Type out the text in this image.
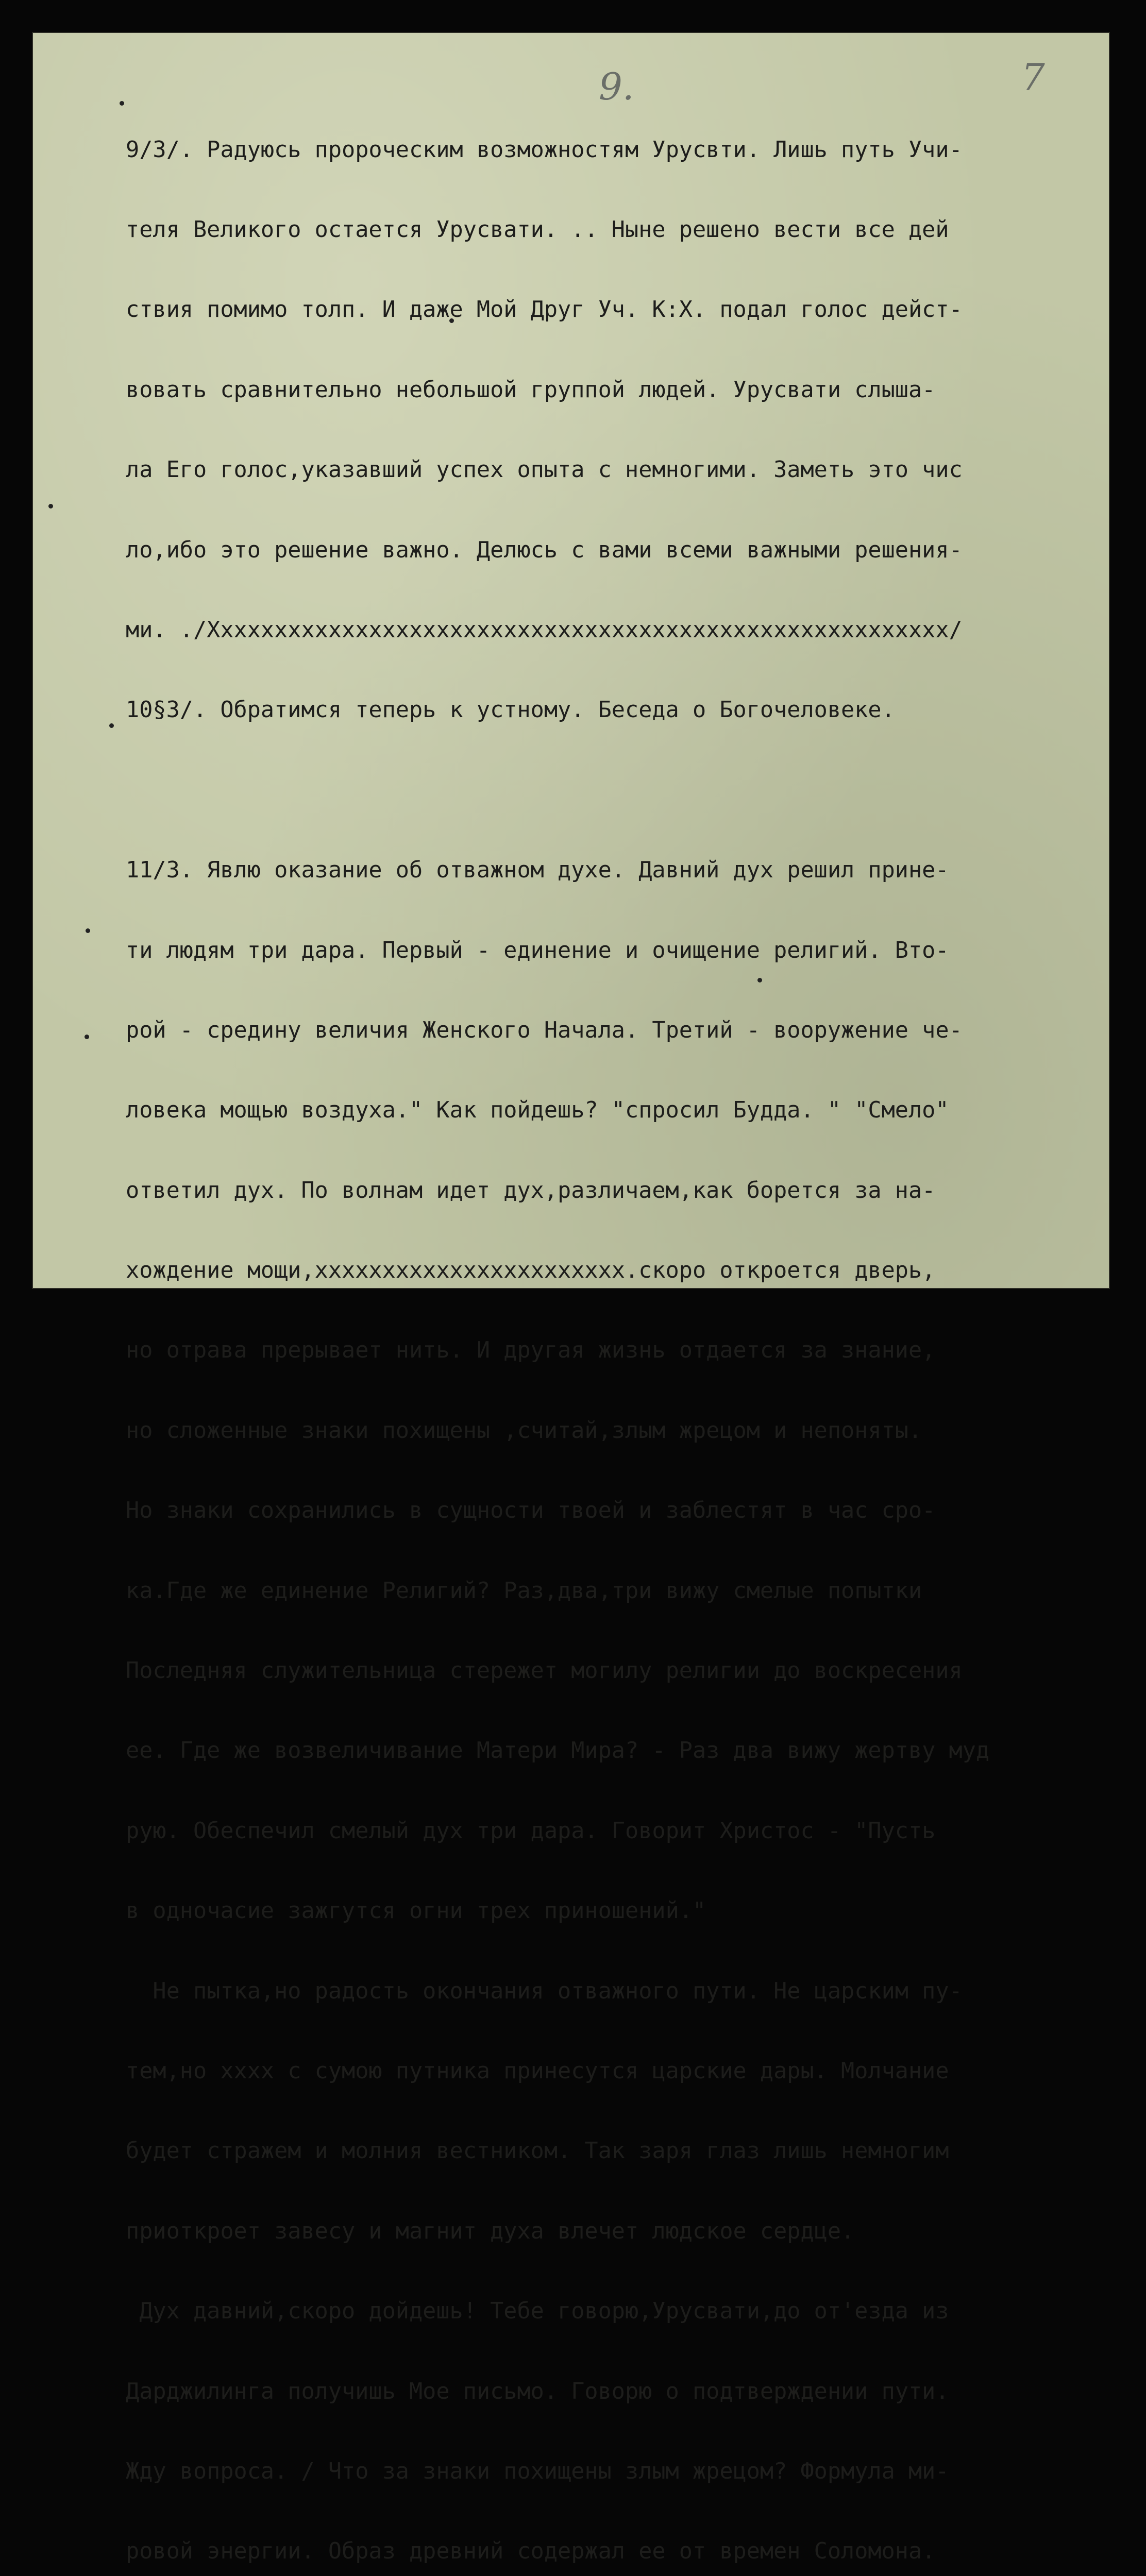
9.	7

9/3/. Радуюсь пророческим возможностям Урусвти. Лишь путь Учи-

теля Великого остается Урусвати. .. Ныне решено вести все дей

ствия помимо толп. И даже Мой Друг Уч. К:Х. подал голос дейст-

вовать сравнительно небольшой группой людей. Урусвати слыша-

ла Его голос,указавший успех опыта с немногими. Заметь это чис

ло,ибо это решение важно. Делюсь с вами всеми важными решения-

ми. ./Ххххххххххххххххххххххххххххххххххххххххххххххххххххххх/

10§3/. Обратимся теперь к устному. Беседа о Богочеловеке.

11/3. Явлю оказание об отважном духе. Давний дух решил прине-

ти людям три дара. Первый - единение и очищение религий. Вто-

рой - средину величия Женского Начала. Третий - вооружение че-

ловека мощью воздуха." Как пойдешь? "спросил Будда. " "Смело"

ответил дух. По волнам идет дух,различаем,как борется за на-

хождение мощи,ххххххххххххххххххххххх.скоро откроется дверь,

но отрава прерывает нить. И другая жизнь отдается за знание,

но сложенные знаки похищены ,считай,злым жрецом и непоняты.

Но знаки сохранились в сущности твоей и заблестят в час сро-

ка.Где же единение Религий? Раз,два,три вижу смелые попытки

Последняя служительница стережет могилу религии до воскресения

ее. Где же возвеличивание Матери Мира? - Раз два вижу жертву муд

рую. Обеспечил смелый дух три дара. Говорит Христос - "Пусть

в одночасие зажгутся огни трех приношений."

Не пытка,но радость окончания отважного пути. Не царским пу-

тем,но хххх с сумою путника принесутся царские дары. Молчание

будет стражем и молния вестником. Так заря глаз лишь немногим

приоткроет завесу и магнит духа влечет людское сердце.

Дух давний,скоро дойдешь! Тебе говорю,Урусвати,до от'езда из

Дарджилинга получишь Мое письмо. Говорю о подтверждении пути.

Жду вопроса. / Что за знаки похищены злым жрецом? Формула ми-

ровой энергии. Образ древний содержал ее от времен Соломона.
